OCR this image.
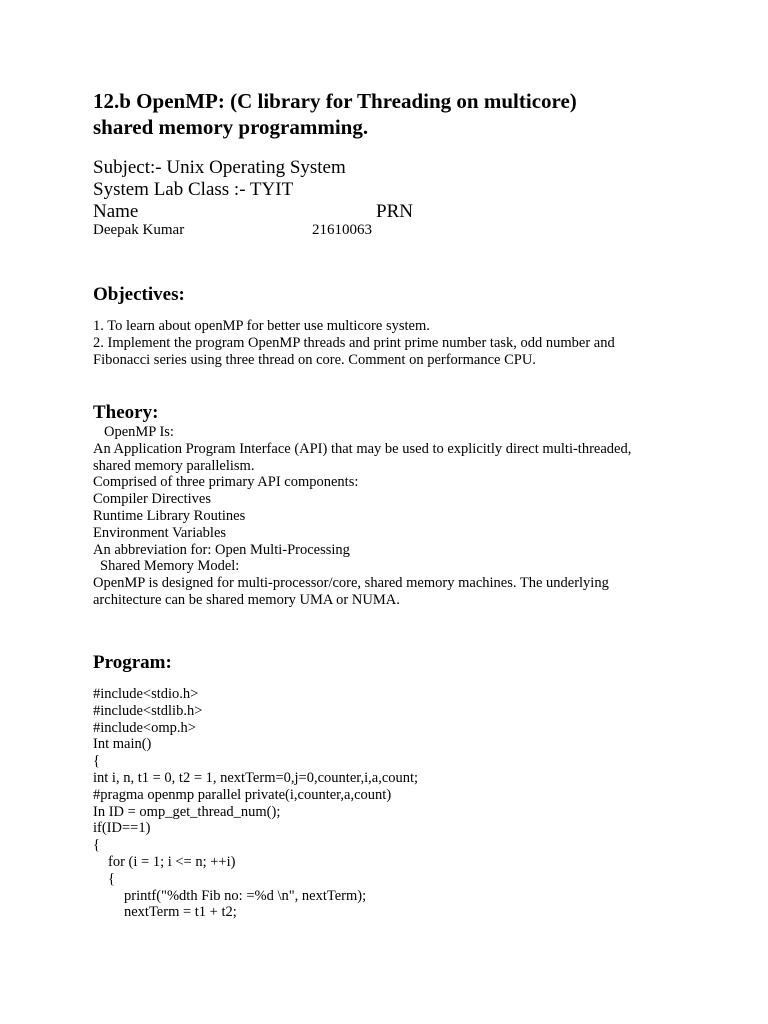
12.b OpenMP: (C library for Threading on multicore) shared memory programming.
Subject:- Unix Operating System
System Lab Class :- TYIT
Name	PRN
Deepak Kumar	21610063
Objectives:
1. To learn about openMP for better use multicore system.
2. Implement the program OpenMP threads and print prime number task, odd number and
Fibonacci series using three thread on core. Comment on performance CPU.
Theory:
OpenMP Is:
An Application Program Interface (API) that may be used to explicitly direct multi-threaded,
shared memory parallelism.
Comprised of three primary API components:
Compiler Directives
Runtime Library Routines
Environment Variables
An abbreviation for: Open Multi-Processing
Shared Memory Model:
OpenMP is designed for multi-processor/core, shared memory machines. The underlying
architecture can be shared memory UMA or NUMA.
Program:
#include<stdio.h>
#include<stdlib.h>
#include<omp.h>
Int main()
{
int i, n, t1 = 0, t2 = 1, nextTerm=0,j=0,counter,i,a,count;
#pragma openmp parallel private(i,counter,a,count)
In ID = omp_get_thread_num();
if(ID==1)
{
for (i = 1; i <= n; ++i)
{
printf("%dth Fib no: =%d \n", nextTerm);
nextTerm = t1 + t2;
